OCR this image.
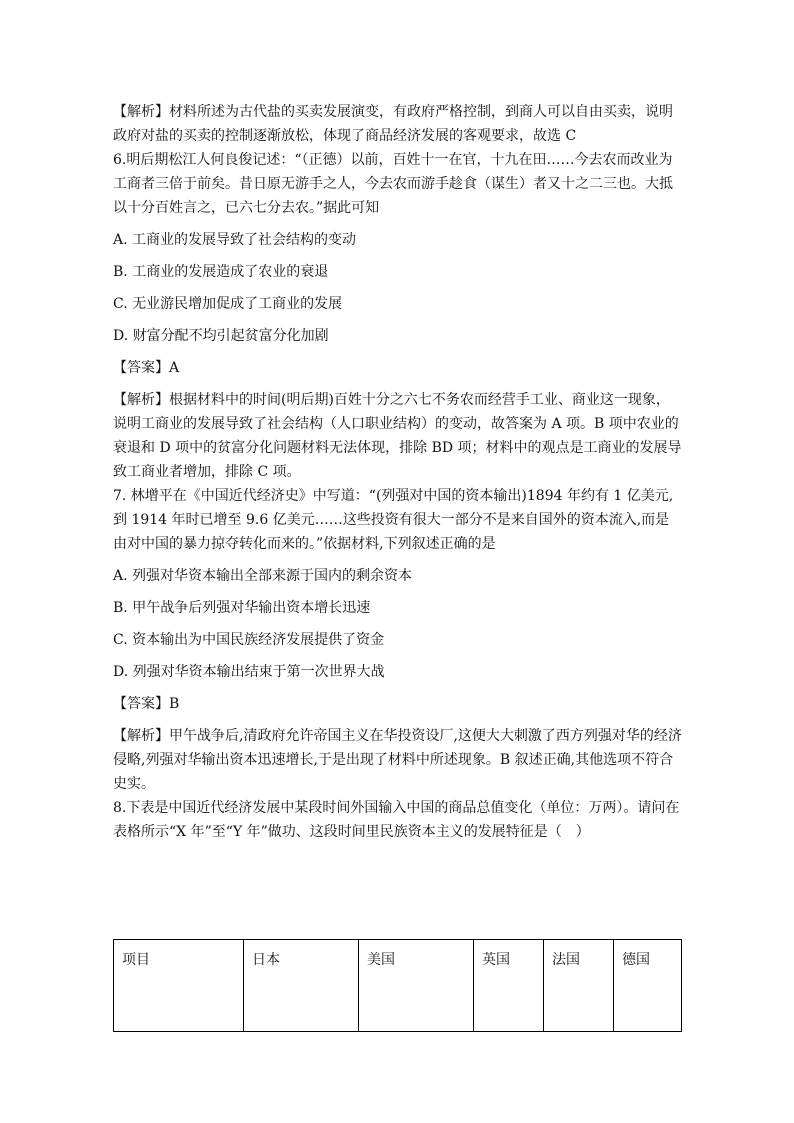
【解析】材料所述为古代盐的买卖发展演变，有政府严格控制，到商人可以自由买卖，说明政府对盐的买卖的控制逐渐放松，体现了商品经济发展的客观要求，故选 C

6.明后期松江人何良俊记述：“（正德）以前，百姓十一在官，十九在田……今去农而改业为工商者三倍于前矣。昔日原无游手之人，今去农而游手趁食（谋生）者又十之二三也。大抵以十分百姓言之，已六七分去农。”据此可知

A. 工商业的发展导致了社会结构的变动

B. 工商业的发展造成了农业的衰退

C. 无业游民增加促成了工商业的发展

D. 财富分配不均引起贫富分化加剧

【答案】A

【解析】根据材料中的时间(明后期)百姓十分之六七不务农而经营手工业、商业这一现象，说明工商业的发展导致了社会结构（人口职业结构）的变动，故答案为 A 项。B 项中农业的衰退和 D 项中的贫富分化问题材料无法体现，排除 BD 项；材料中的观点是工商业的发展导致工商业者增加，排除 C 项。

7. 林增平在《中国近代经济史》中写道：“(列强对中国的资本输出)1894 年约有 1 亿美元,到 1914 年时已增至 9.6 亿美元……这些投资有很大一部分不是来自国外的资本流入,而是由对中国的暴力掠夺转化而来的。”依据材料,下列叙述正确的是

A. 列强对华资本输出全部来源于国内的剩余资本

B. 甲午战争后列强对华输出资本增长迅速

C. 资本输出为中国民族经济发展提供了资金

D. 列强对华资本输出结束于第一次世界大战

【答案】B

【解析】甲午战争后,清政府允许帝国主义在华投资设厂,这便大大刺激了西方列强对华的经济侵略,列强对华输出资本迅速增长,于是出现了材料中所述现象。B 叙述正确,其他选项不符合史实。

8.下表是中国近代经济发展中某段时间外国输入中国的商品总值变化（单位：万两）。请问在表格所示“X 年”至“Y 年”做功、这段时间里民族资本主义的发展特征是（　）

项目	日本	美国	英国	法国	德国
